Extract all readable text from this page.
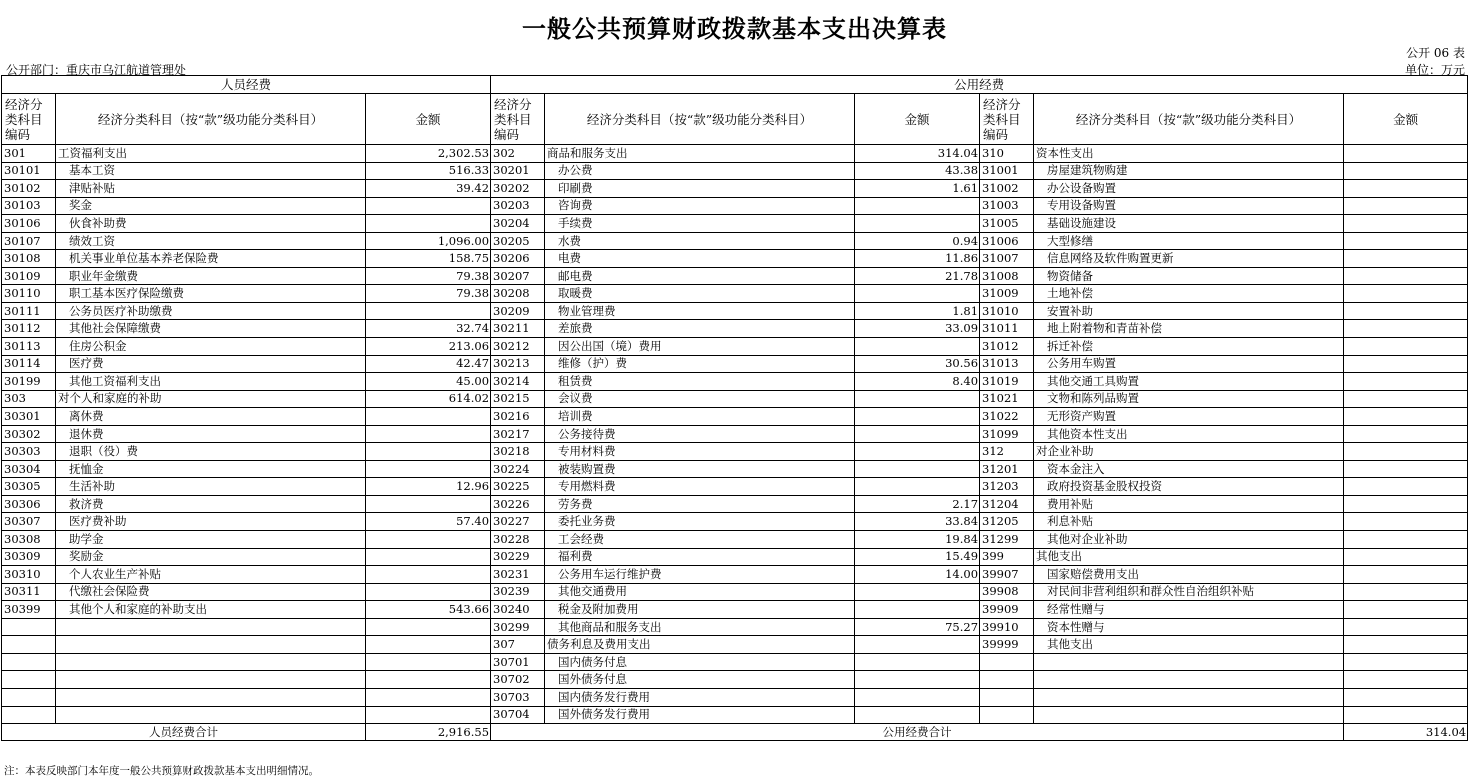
一般公共预算财政拨款基本支出决算表
公开 06 表
公开部门：重庆市乌江航道管理处	单位：万元
人员经费			公用经费					
经济分类科目编码	经济分类科目（按“款”级功能分类科目）	金额	经济分类科目编码	经济分类科目（按“款”级功能分类科目）	金额	经济分类科目编码	经济分类科目（按“款”级功能分类科目）	金额
301	工资福利支出	2,302.53	302	商品和服务支出	314.04	310	资本性支出	
30101	基本工资	516.33	30201	办公费	43.38	31001	房屋建筑物购建	
30102	津贴补贴	39.42	30202	印刷费	1.61	31002	办公设备购置	
30103	奖金		30203	咨询费		31003	专用设备购置	
30106	伙食补助费		30204	手续费		31005	基础设施建设	
30107	绩效工资	1,096.00	30205	水费	0.94	31006	大型修缮	
30108	机关事业单位基本养老保险费	158.75	30206	电费	11.86	31007	信息网络及软件购置更新	
30109	职业年金缴费	79.38	30207	邮电费	21.78	31008	物资储备	
30110	职工基本医疗保险缴费	79.38	30208	取暖费		31009	土地补偿	
30111	公务员医疗补助缴费		30209	物业管理费	1.81	31010	安置补助	
30112	其他社会保障缴费	32.74	30211	差旅费	33.09	31011	地上附着物和青苗补偿	
30113	住房公积金	213.06	30212	因公出国（境）费用		31012	拆迁补偿	
30114	医疗费	42.47	30213	维修（护）费	30.56	31013	公务用车购置	
30199	其他工资福利支出	45.00	30214	租赁费	8.40	31019	其他交通工具购置	
303	对个人和家庭的补助	614.02	30215	会议费		31021	文物和陈列品购置	
30301	离休费		30216	培训费		31022	无形资产购置	
30302	退休费		30217	公务接待费		31099	其他资本性支出	
30303	退职（役）费		30218	专用材料费		312	对企业补助	
30304	抚恤金		30224	被装购置费		31201	资本金注入	
30305	生活补助	12.96	30225	专用燃料费		31203	政府投资基金股权投资	
30306	救济费		30226	劳务费	2.17	31204	费用补贴	
30307	医疗费补助	57.40	30227	委托业务费	33.84	31205	利息补贴	
30308	助学金		30228	工会经费	19.84	31299	其他对企业补助	
30309	奖励金		30229	福利费	15.49	399	其他支出	
30310	个人农业生产补贴		30231	公务用车运行维护费	14.00	39907	国家赔偿费用支出	
30311	代缴社会保险费		30239	其他交通费用		39908	对民间非营利组织和群众性自治组织补贴	
30399	其他个人和家庭的补助支出	543.66	30240	税金及附加费用		39909	经常性赠与	
			30299	其他商品和服务支出	75.27	39910	资本性赠与	
			307	债务利息及费用支出		39999	其他支出	
			30701	国内债务付息				
			30702	国外债务付息				
			30703	国内债务发行费用				
			30704	国外债务发行费用				
人员经费合计		2,916.55	公用经费合计					314.04
注：本表反映部门本年度一般公共预算财政拨款基本支出明细情况。
